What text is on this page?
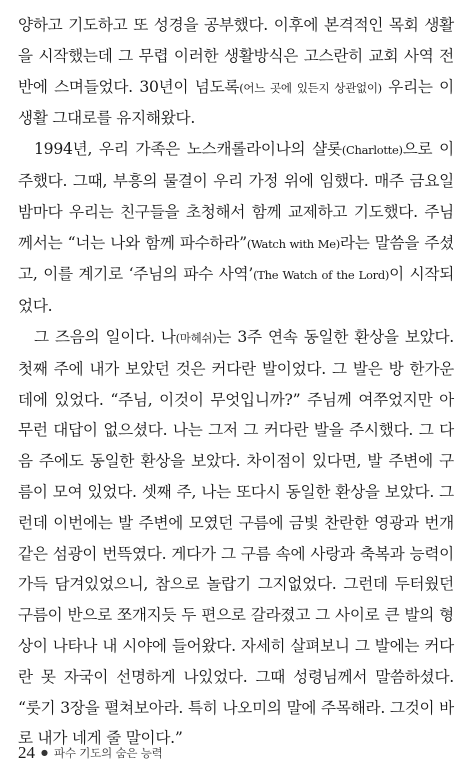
양하고 기도하고 또 성경을 공부했다. 이후에 본격적인 목회 생활을 시작했는데 그 무렵 이러한 생활방식은 고스란히 교회 사역 전반에 스며들었다. 30년이 넘도록(어느 곳에 있든지 상관없이) 우리는 이 생활 그대로를 유지해왔다.

1994년, 우리 가족은 노스캐롤라이나의 샬롯(Charlotte)으로 이주했다. 그때, 부흥의 물결이 우리 가정 위에 임했다. 매주 금요일 밤마다 우리는 친구들을 초청해서 함께 교제하고 기도했다. 주님께서는 “너는 나와 함께 파수하라”(Watch with Me)라는 말씀을 주셨고, 이를 계기로 ‘주님의 파수 사역’(The Watch of the Lord)이 시작되었다.

그 즈음의 일이다. 나(마헤쉬)는 3주 연속 동일한 환상을 보았다. 첫째 주에 내가 보았던 것은 커다란 발이었다. 그 발은 방 한가운데에 있었다. “주님, 이것이 무엇입니까?” 주님께 여쭈었지만 아무런 대답이 없으셨다. 나는 그저 그 커다란 발을 주시했다. 그 다음 주에도 동일한 환상을 보았다. 차이점이 있다면, 발 주변에 구름이 모여 있었다. 셋째 주, 나는 또다시 동일한 환상을 보았다. 그런데 이번에는 발 주변에 모였던 구름에 금빛 찬란한 영광과 번개 같은 섬광이 번뜩였다. 게다가 그 구름 속에 사랑과 축복과 능력이 가득 담겨있었으니, 참으로 놀랍기 그지없었다. 그런데 두터웠던 구름이 반으로 쪼개지듯 두 편으로 갈라졌고 그 사이로 큰 발의 형상이 나타나 내 시야에 들어왔다. 자세히 살펴보니 그 발에는 커다란 못 자국이 선명하게 나있었다. 그때 성령님께서 말씀하셨다. “룻기 3장을 펼쳐보아라. 특히 나오미의 말에 주목해라. 그것이 바로 내가 네게 줄 말이다.”

24 ● 파수 기도의 숨은 능력
